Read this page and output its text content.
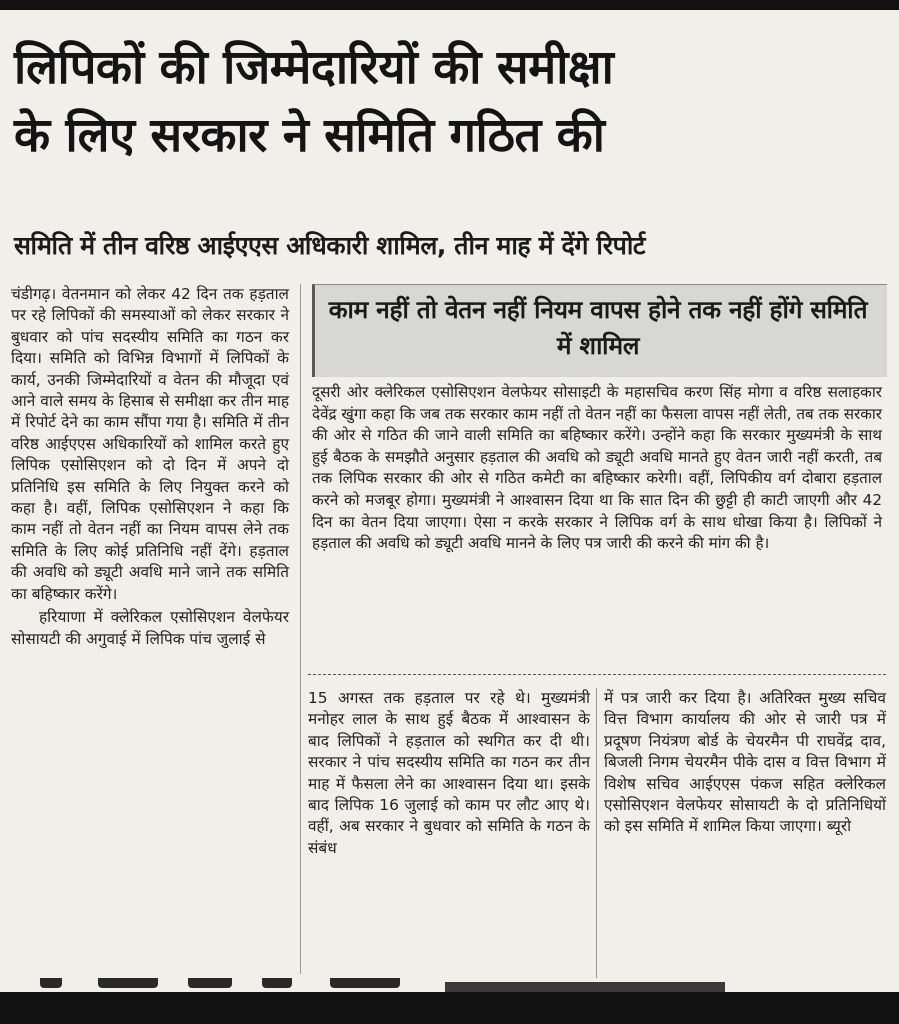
लिपिकों की जिम्मेदारियों की समीक्षा
के लिए सरकार ने समिति गठित की
समिति में तीन वरिष्ठ आईएएस अधिकारी शामिल, तीन माह में देंगे रिपोर्ट

चंडीगढ़। वेतनमान को लेकर 42 दिन तक हड़ताल पर रहे लिपिकों की समस्याओं को लेकर सरकार ने बुधवार को पांच सदस्यीय समिति का गठन कर दिया। समिति को विभिन्न विभागों में लिपिकों के कार्य, उनकी जिम्मेदारियों व वेतन की मौजूदा एवं आने वाले समय के हिसाब से समीक्षा कर तीन माह में रिपोर्ट देने का काम सौंपा गया है। समिति में तीन वरिष्ठ आईएएस अधिकारियों को शामिल करते हुए लिपिक एसोसिएशन को दो दिन में अपने दो प्रतिनिधि इस समिति के लिए नियुक्त करने को कहा है। वहीं, लिपिक एसोसिएशन ने कहा कि काम नहीं तो वेतन नहीं का नियम वापस लेने तक समिति के लिए कोई प्रतिनिधि नहीं देंगे। हड़ताल की अवधि को ड्यूटी अवधि माने जाने तक समिति का बहिष्कार करेंगे।

हरियाणा में क्लेरिकल एसोसिएशन वेलफेयर सोसायटी की अगुवाई में लिपिक पांच जुलाई से

काम नहीं तो वेतन नहीं नियम वापस होने तक नहीं होंगे समिति में शामिल
दूसरी ओर क्लेरिकल एसोसिएशन वेलफेयर सोसाइटी के महासचिव करण सिंह मोगा व वरिष्ठ सलाहकार देवेंद्र खुंगा कहा कि जब तक सरकार काम नहीं तो वेतन नहीं का फैसला वापस नहीं लेती, तब तक सरकार की ओर से गठित की जाने वाली समिति का बहिष्कार करेंगे। उन्होंने कहा कि सरकार मुख्यमंत्री के साथ हुई बैठक के समझौते अनुसार हड़ताल की अवधि को ड्यूटी अवधि मानते हुए वेतन जारी नहीं करती, तब तक लिपिक सरकार की ओर से गठित कमेटी का बहिष्कार करेगी। वहीं, लिपिकीय वर्ग दोबारा हड़ताल करने को मजबूर होगा। मुख्यमंत्री ने आश्वासन दिया था कि सात दिन की छुट्टी ही काटी जाएगी और 42 दिन का वेतन दिया जाएगा। ऐसा न करके सरकार ने लिपिक वर्ग के साथ धोखा किया है। लिपिकों ने हड़ताल की अवधि को ड्यूटी अवधि मानने के लिए पत्र जारी की करने की मांग की है।
15 अगस्त तक हड़ताल पर रहे थे। मुख्यमंत्री मनोहर लाल के साथ हुई बैठक में आश्वासन के बाद लिपिकों ने हड़ताल को स्थगित कर दी थी। सरकार ने पांच सदस्यीय समिति का गठन कर तीन माह में फैसला लेने का आश्वासन दिया था। इसके बाद लिपिक 16 जुलाई को काम पर लौट आए थे। वहीं, अब सरकार ने बुधवार को समिति के गठन के संबंध
में पत्र जारी कर दिया है। अतिरिक्त मुख्य सचिव वित्त विभाग कार्यालय की ओर से जारी पत्र में प्रदूषण नियंत्रण बोर्ड के चेयरमैन पी राघवेंद्र दाव, बिजली निगम चेयरमैन पीके दास व वित्त विभाग में विशेष सचिव आईएएस पंकज सहित क्लेरिकल एसोसिएशन वेलफेयर सोसायटी के दो प्रतिनिधियों को इस समिति में शामिल किया जाएगा। ब्यूरो
